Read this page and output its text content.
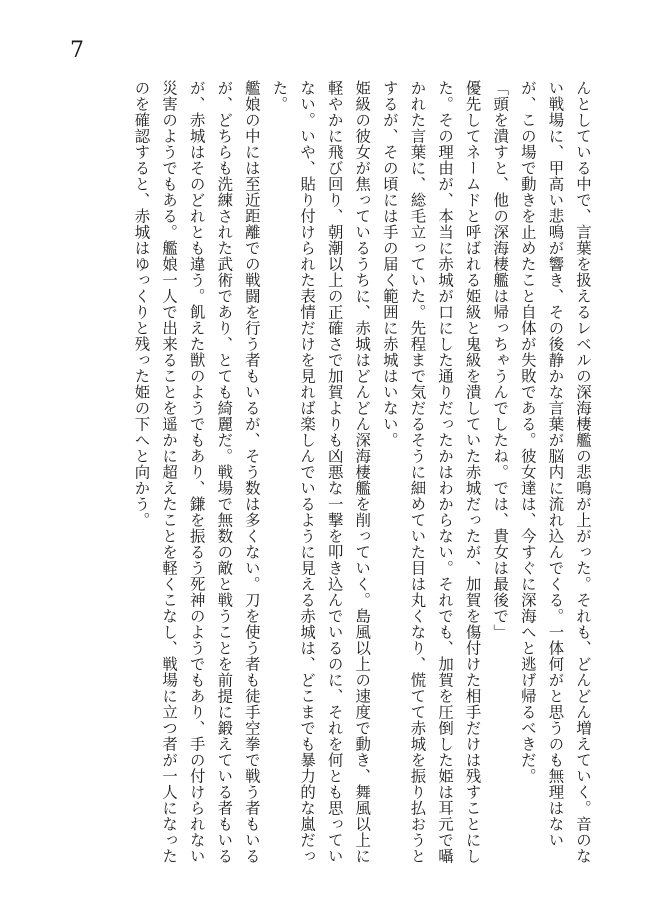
7

んとしている中で、言葉を扱えるレベルの深海棲艦の悲鳴が上がった。それも、どんどん増えていく。音のない戦場に、甲高い悲鳴が響き、その後静かな言葉が脳内に流れ込んでくる。一体何がと思うのも無理はないが、この場で動きを止めたこと自体が失敗である。彼女達は、今すぐに深海へと逃げ帰るべきだ。

「頭を潰すと、他の深海棲艦は帰っちゃうんでしたね。では、貴女は最後で」

優先してネームドと呼ばれる姫級と鬼級を潰していた赤城だったが、加賀を傷付けた相手だけは残すことにした。その理由が、本当に赤城が口にした通りだったかはわからない。それでも、加賀を圧倒した姫は耳元で囁かれた言葉に、総毛立っていた。先程まで気だるそうに細めていた目は丸くなり、慌てて赤城を振り払おうとするが、その頃には手の届く範囲に赤城はいない。

姫級の彼女が焦っているうちに、赤城はどんどん深海棲艦を削っていく。島風以上の速度で動き、舞風以上に軽やかに飛び回り、朝潮以上の正確さで加賀よりも凶悪な一撃を叩き込んでいるのに、それを何とも思っていない。いや、貼り付けられた表情だけを見れば楽しんでいるように見える赤城は、どこまでも暴力的な嵐だった。

艦娘の中には至近距離での戦闘を行う者もいるが、そう数は多くない。刀を使う者も徒手空拳で戦う者もいるが、どちらも洗練された武術であり、とても綺麗だ。戦場で無数の敵と戦うことを前提に鍛えている者もいるが、赤城はそのどれとも違う。飢えた獣のようでもあり、鎌を振るう死神のようでもあり、手の付けられない災害のようでもある。艦娘一人で出来ることを遥かに超えたことを軽くこなし、戦場に立つ者が一人になったのを確認すると、赤城はゆっくりと残った姫の下へと向かう。
